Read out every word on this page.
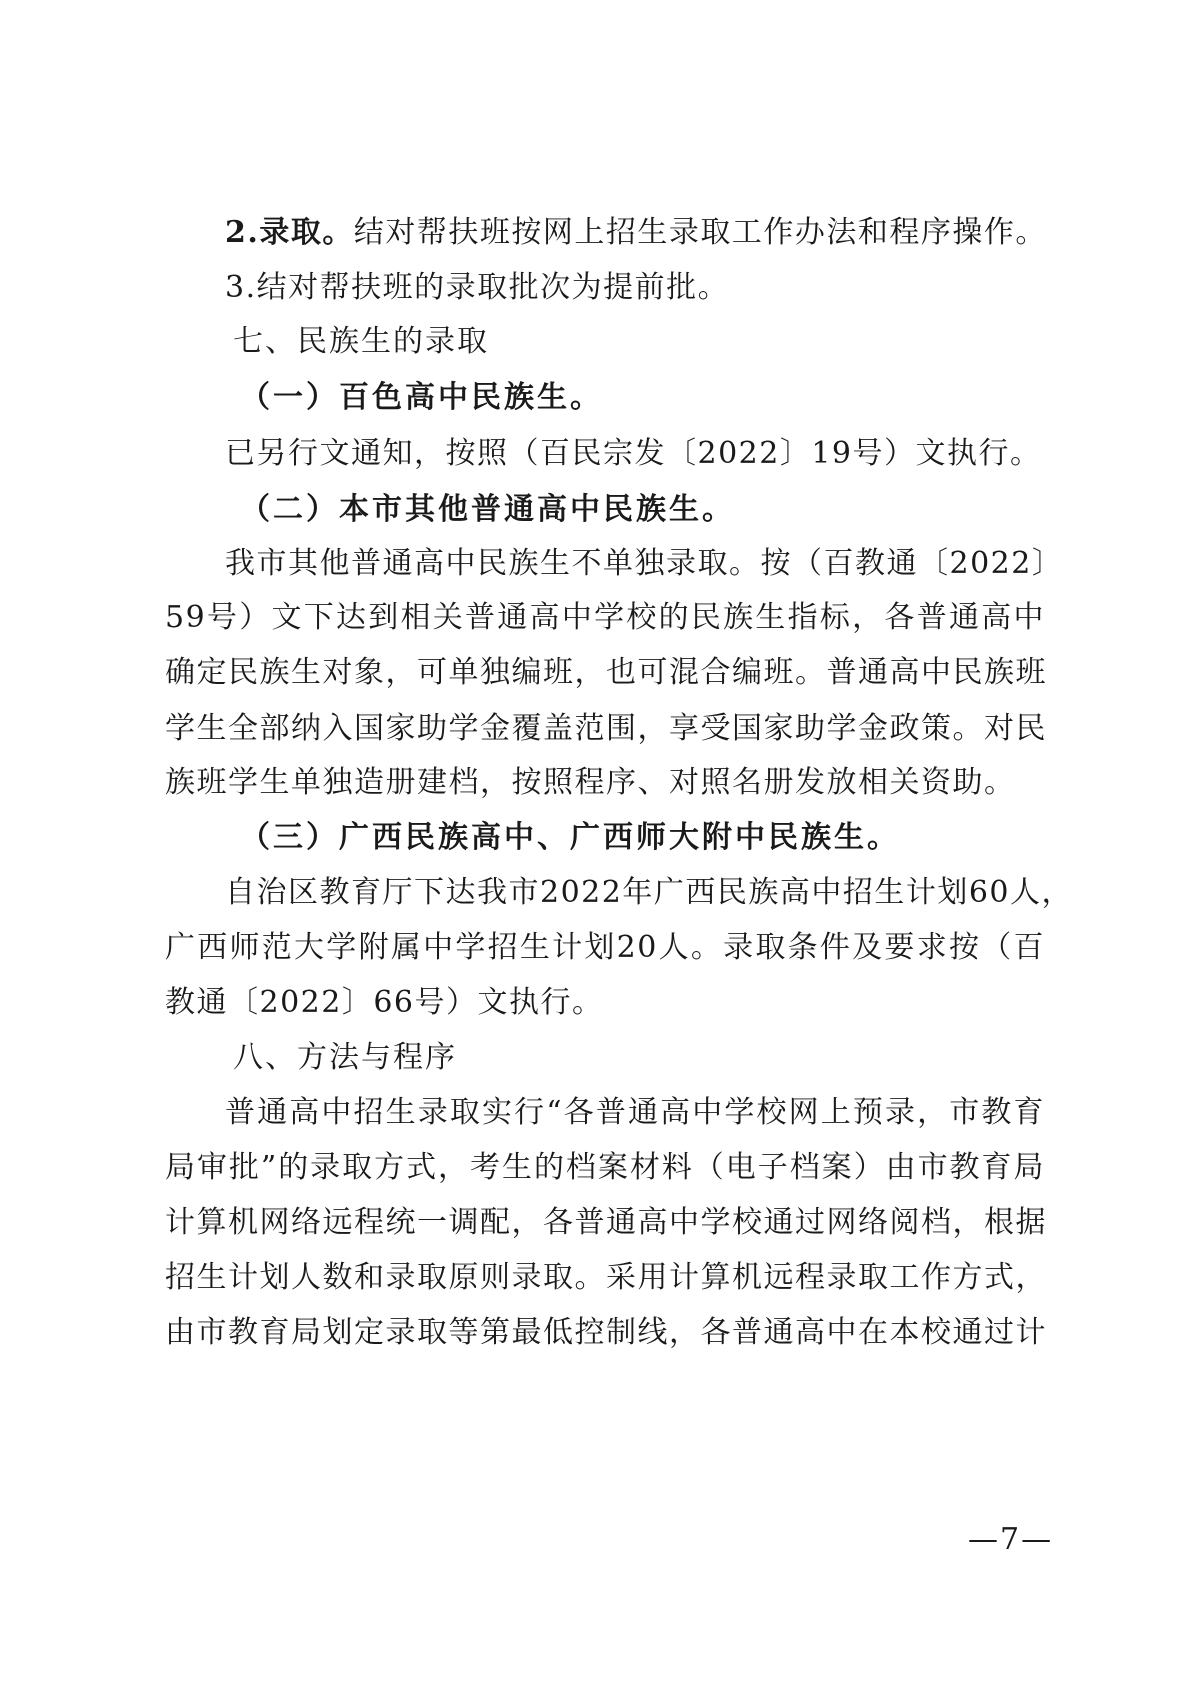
2.录取。结对帮扶班按网上招生录取工作办法和程序操作。
3.结对帮扶班的录取批次为提前批。
七、民族生的录取
（一）百色高中民族生。
已另行文通知，按照（百民宗发〔2022〕19号）文执行。
（二）本市其他普通高中民族生。
我市其他普通高中民族生不单独录取。按（百教通〔2022〕
59号）文下达到相关普通高中学校的民族生指标，各普通高中
确定民族生对象，可单独编班，也可混合编班。普通高中民族班
学生全部纳入国家助学金覆盖范围，享受国家助学金政策。对民
族班学生单独造册建档，按照程序、对照名册发放相关资助。
（三）广西民族高中、广西师大附中民族生。
自治区教育厅下达我市2022年广西民族高中招生计划60人，
广西师范大学附属中学招生计划20人。录取条件及要求按（百
教通〔2022〕66号）文执行。
八、方法与程序
普通高中招生录取实行“各普通高中学校网上预录，市教育
局审批”的录取方式，考生的档案材料（电子档案）由市教育局
计算机网络远程统一调配，各普通高中学校通过网络阅档，根据
招生计划人数和录取原则录取。采用计算机远程录取工作方式，
由市教育局划定录取等第最低控制线，各普通高中在本校通过计
—7—
